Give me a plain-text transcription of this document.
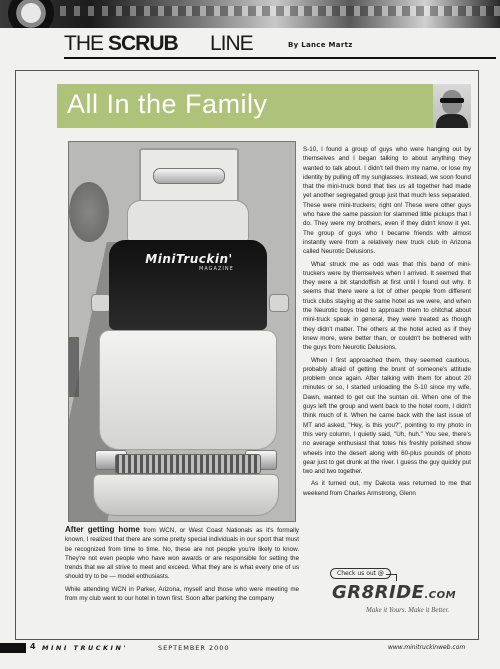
THE SCRUB LINE	By Lance Martz
All In the Family
MiniTruckin'
MAGAZINE

S-10, I found a group of guys who were hanging out by themselves and I began talking to about anything they wanted to talk about. I didn't tell them my name, or lose my identity by pulling off my sunglasses. Instead, we soon found that the mini-truck bond that ties us all together had made yet another segregated group just that much less separated. These were mini-truckers; right on! These were other guys who have the same passion for slammed little pickups that I do. They were my brothers, even if they didn't know it yet. The group of guys who I became friends with almost instantly were from a relatively new truck club in Arizona called Neurotic Delusions.

What struck me as odd was that this band of mini-truckers were by themselves when I arrived. It seemed that they were a bit standoffish at first until I found out why. It seems that there were a lot of other people from different truck clubs staying at the same hotel as we were, and when the Neurotic boys tried to approach them to chitchat about mini-truck speak in general, they were treated as though they didn't matter. The others at the hotel acted as if they knew more, were better than, or couldn't be bothered with the guys from Neurotic Delusions.

When I first approached them, they seemed cautious, probably afraid of getting the brunt of someone's attitude problem once again. After talking with them for about 20 minutes or so, I started unloading the S-10 since my wife, Dawn, wanted to get out the suntan oil. When one of the guys left the group and went back to the hotel room, I didn't think much of it. When he came back with the last issue of MT and asked, "Hey, is this you?", pointing to my photo in this very column, I quietly said, "Uh, huh." You see, there's no average enthusiast that totes his freshly polished show wheels into the desert along with 60-plus pounds of photo gear just to get drunk at the river. I guess the guy quickly put two and two together.

As it turned out, my Dakota was returned to me that weekend from Charles Armstrong, Glenn

After getting home from WCN, or West Coast Nationals as it's formally known, I realized that there are some pretty special individuals in our sport that must be recognized from time to time. No, these are not people you're likely to know. They're not even people who have won awards or are responsible for setting the trends that we all strive to meet and exceed. What they are is what every one of us should try to be — model enthusiasts.

While attending WCN in Parker, Arizona, myself and those who were meeting me from my club went to our hotel in town first. Soon after parking the company

Check us out @
GR8RIDE.COM
Make it Yours. Make it Better.
4 MINI TRUCKIN'	SEPTEMBER 2000	www.minitruckinweb.com
